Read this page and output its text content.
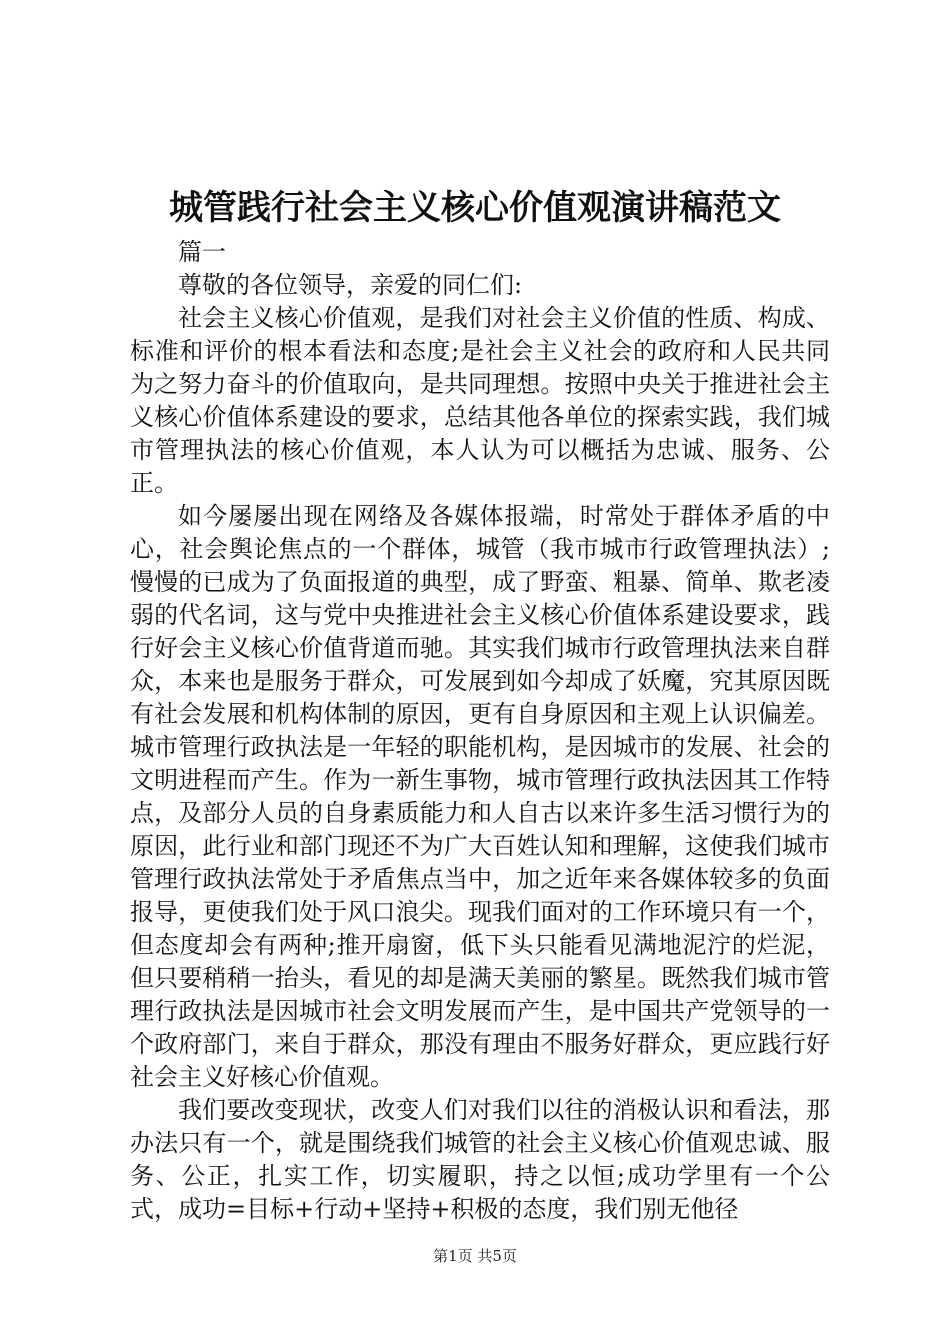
城管践行社会主义核心价值观演讲稿范文

篇一

尊敬的各位领导，亲爱的同仁们:

社会主义核心价值观，是我们对社会主义价值的性质、构成、标准和评价的根本看法和态度;是社会主义社会的政府和人民共同为之努力奋斗的价值取向，是共同理想。按照中央关于推进社会主义核心价值体系建设的要求，总结其他各单位的探索实践，我们城市管理执法的核心价值观，本人认为可以概括为忠诚、服务、公正。

如今屡屡出现在网络及各媒体报端，时常处于群体矛盾的中心，社会舆论焦点的一个群体，城管（我市城市行政管理执法）;慢慢的已成为了负面报道的典型，成了野蛮、粗暴、简单、欺老凌弱的代名词，这与党中央推进社会主义核心价值体系建设要求，践行好会主义核心价值背道而驰。其实我们城市行政管理执法来自群众，本来也是服务于群众，可发展到如今却成了妖魔，究其原因既有社会发展和机构体制的原因，更有自身原因和主观上认识偏差。城市管理行政执法是一年轻的职能机构，是因城市的发展、社会的文明进程而产生。作为一新生事物，城市管理行政执法因其工作特点，及部分人员的自身素质能力和人自古以来许多生活习惯行为的原因，此行业和部门现还不为广大百姓认知和理解，这使我们城市管理行政执法常处于矛盾焦点当中，加之近年来各媒体较多的负面报导，更使我们处于风口浪尖。现我们面对的工作环境只有一个，但态度却会有两种;推开扇窗，低下头只能看见满地泥泞的烂泥，但只要稍稍一抬头，看见的却是满天美丽的繁星。既然我们城市管理行政执法是因城市社会文明发展而产生，是中国共产党领导的一个政府部门，来自于群众，那没有理由不服务好群众，更应践行好社会主义好核心价值观。

我们要改变现状，改变人们对我们以往的消极认识和看法，那办法只有一个，就是围绕我们城管的社会主义核心价值观忠诚、服务、公正，扎实工作，切实履职，持之以恒;成功学里有一个公式，成功=目标+行动+坚持+积极的态度，我们别无他径

第1页 共5页
